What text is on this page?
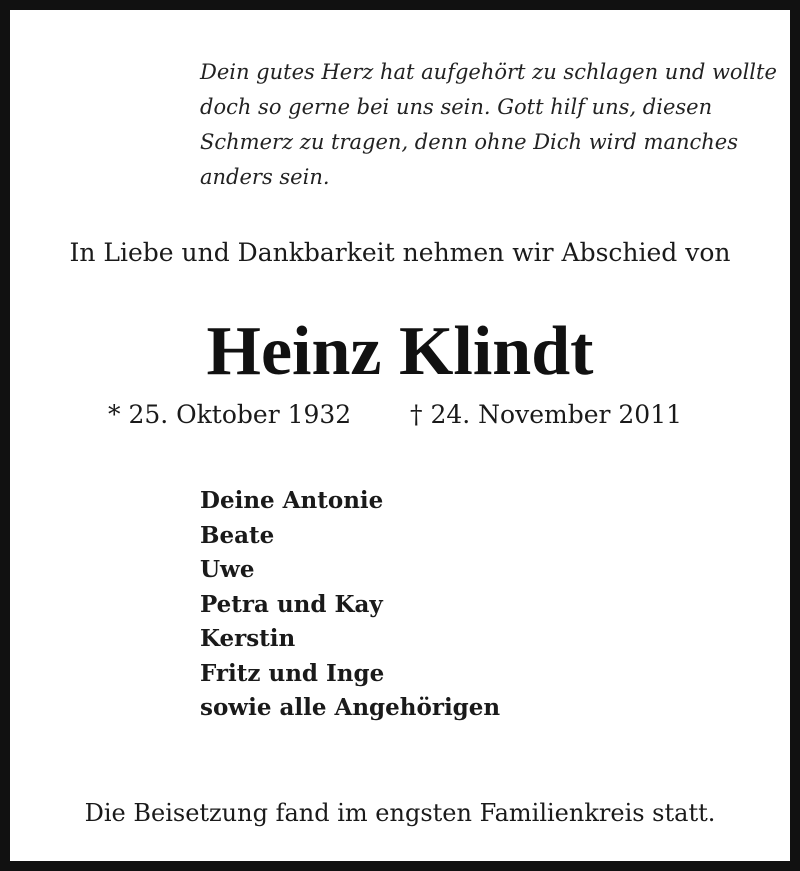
Dein gutes Herz hat aufgehört zu schlagen und wollte
doch so gerne bei uns sein. Gott hilf uns, diesen
Schmerz zu tragen, denn ohne Dich wird manches
anders sein.
In Liebe und Dankbarkeit nehmen wir Abschied von
Heinz Klindt
* 25. Oktober 1932 † 24. November 2011
Deine Antonie
Beate
Uwe
Petra und Kay
Kerstin
Fritz und Inge
sowie alle Angehörigen
Die Beisetzung fand im engsten Familienkreis statt.
